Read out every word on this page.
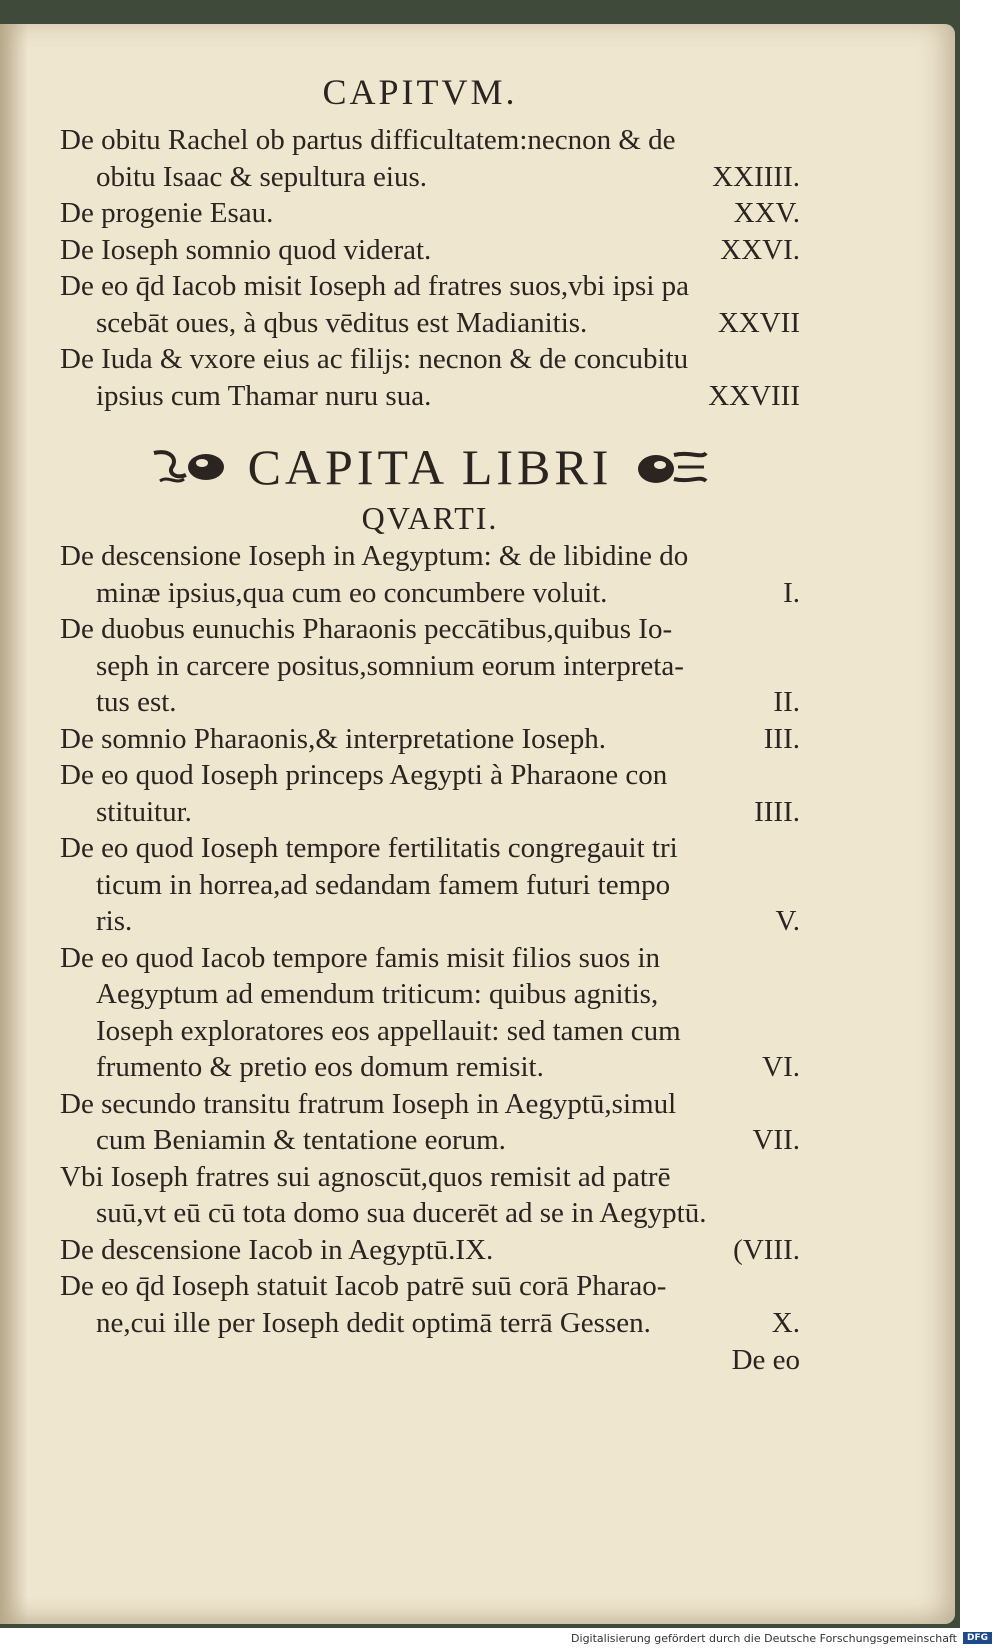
CAPITVM.
De obitu Rachel ob partus difficultatem:necnon & de
obitu Isaac & sepultura eius.	XXIIII.
De progenie Esau.	XXV.
De Ioseph somnio quod viderat.	XXVI.
De eo q̄d Iacob misit Ioseph ad fratres suos,vbi ipsi pa
scebāt oues, à qbus vēditus est Madianitis.	XXVII
De Iuda & vxore eius ac filijs: necnon & de concubitu
ipsius cum Thamar nuru sua.	XXVIII
CAPITA LIBRI
QVARTI.
De descensione Ioseph in Aegyptum: & de libidine do
minæ ipsius,qua cum eo concumbere voluit.	I.
De duobus eunuchis Pharaonis peccātibus,quibus Io-
seph in carcere positus,somnium eorum interpreta-
tus est.	II.
De somnio Pharaonis,& interpretatione Ioseph.	III.
De eo quod Ioseph princeps Aegypti à Pharaone con
stituitur.	IIII.
De eo quod Ioseph tempore fertilitatis congregauit tri
ticum in horrea,ad sedandam famem futuri tempo
ris.	V.
De eo quod Iacob tempore famis misit filios suos in
Aegyptum ad emendum triticum: quibus agnitis,
Ioseph exploratores eos appellauit: sed tamen cum
frumento & pretio eos domum remisit.	VI.
De secundo transitu fratrum Ioseph in Aegyptū,simul
cum Beniamin & tentatione eorum.	VII.
Vbi Ioseph fratres sui agnoscūt,quos remisit ad patrē
suū,vt eū cū tota domo sua ducerēt ad se in Aegyptū.
De descensione Iacob in Aegyptū.IX.	(VIII.
De eo q̄d Ioseph statuit Iacob patrē suū corā Pharao-
ne,cui ille per Ioseph dedit optimā terrā Gessen.	X.
De eo
Digitalisierung gefördert durch die Deutsche Forschungsgemeinschaft	DFG
